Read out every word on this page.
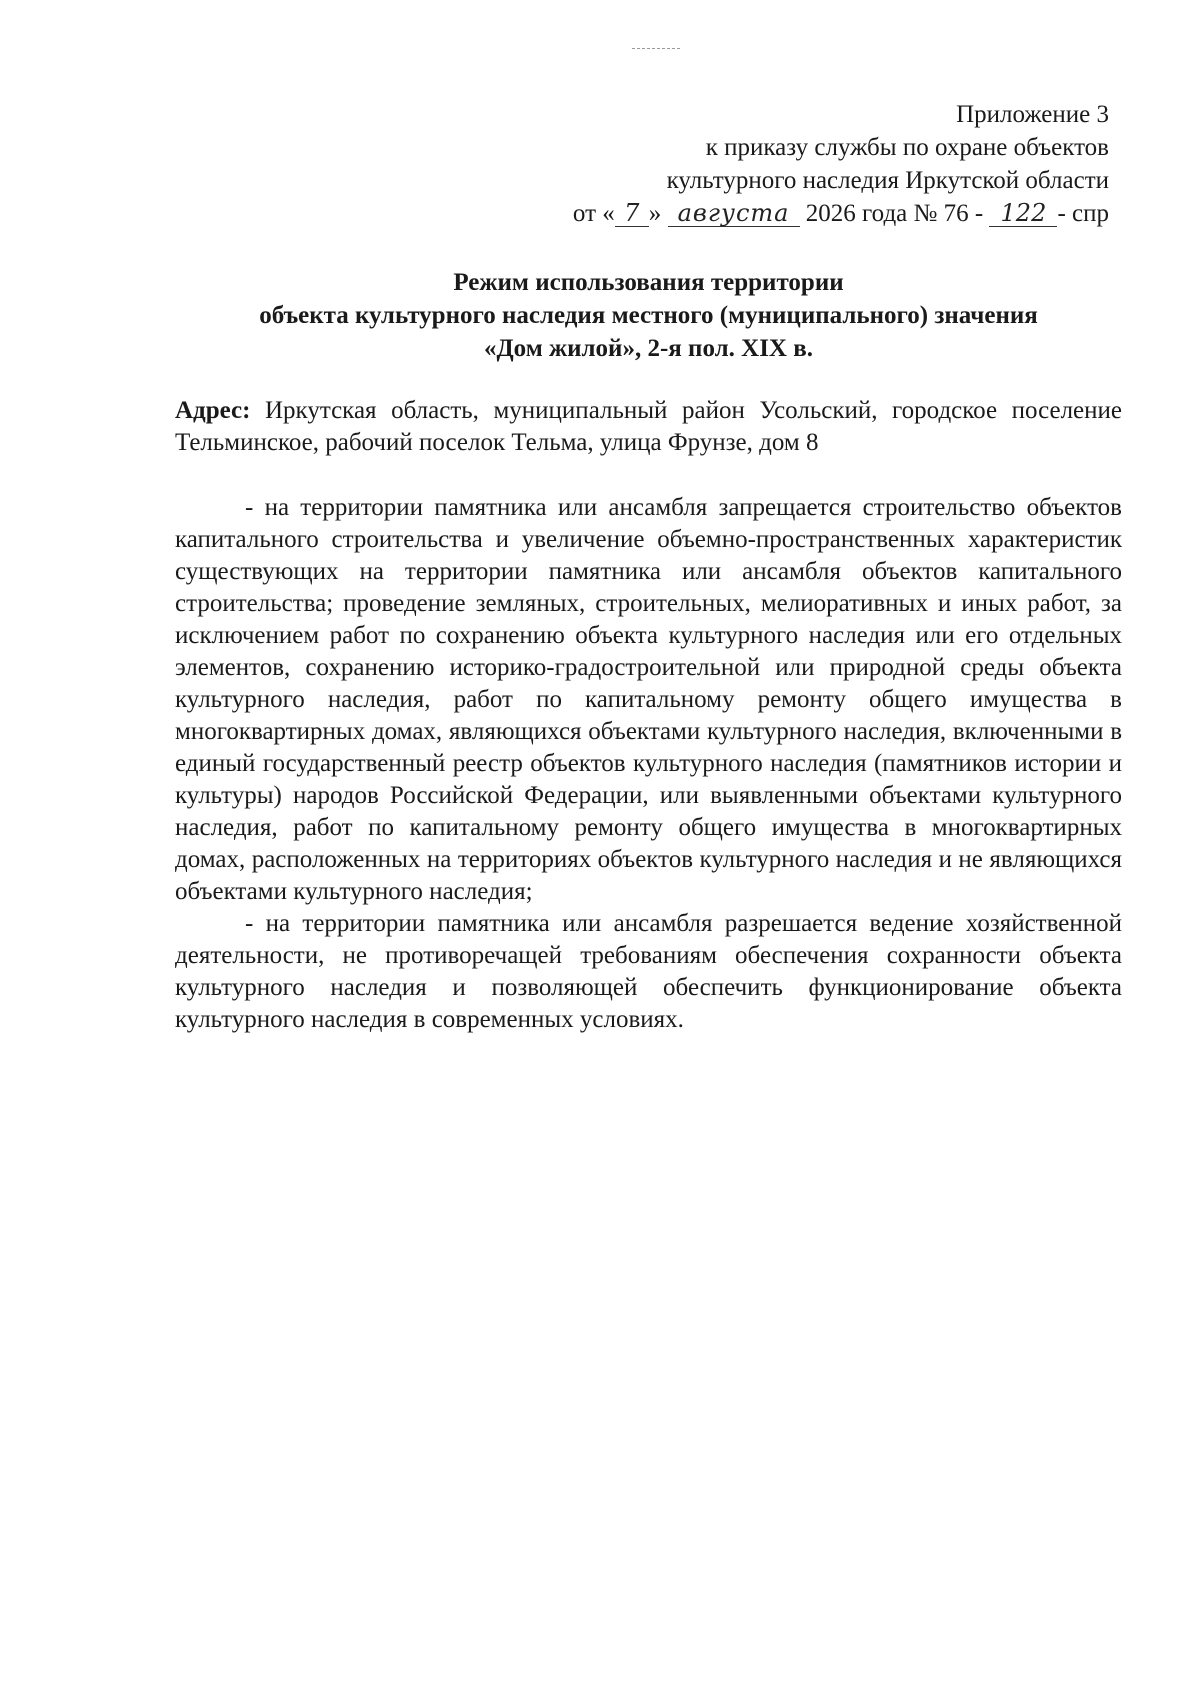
Приложение 3
к приказу службы по охране объектов
культурного наследия Иркутской области
от « 7 » августа 2026 года № 76 - 122 - спр
Режим использования территории
объекта культурного наследия местного (муниципального) значения
«Дом жилой», 2-я пол. XIX в.
Адрес: Иркутская область, муниципальный район Усольский, городское поселение Тельминское, рабочий поселок Тельма, улица Фрунзе, дом 8

- на территории памятника или ансамбля запрещается строительство объектов капитального строительства и увеличение объемно-пространственных характеристик существующих на территории памятника или ансамбля объектов капитального строительства; проведение земляных, строительных, мелиоративных и иных работ, за исключением работ по сохранению объекта культурного наследия или его отдельных элементов, сохранению историко-градостроительной или природной среды объекта культурного наследия, работ по капитальному ремонту общего имущества в многоквартирных домах, являющихся объектами культурного наследия, включенными в единый государственный реестр объектов культурного наследия (памятников истории и культуры) народов Российской Федерации, или выявленными объектами культурного наследия, работ по капитальному ремонту общего имущества в многоквартирных домах, расположенных на территориях объектов культурного наследия и не являющихся объектами культурного наследия;

- на территории памятника или ансамбля разрешается ведение хозяйственной деятельности, не противоречащей требованиям обеспечения сохранности объекта культурного наследия и позволяющей обеспечить функционирование объекта культурного наследия в современных условиях.
